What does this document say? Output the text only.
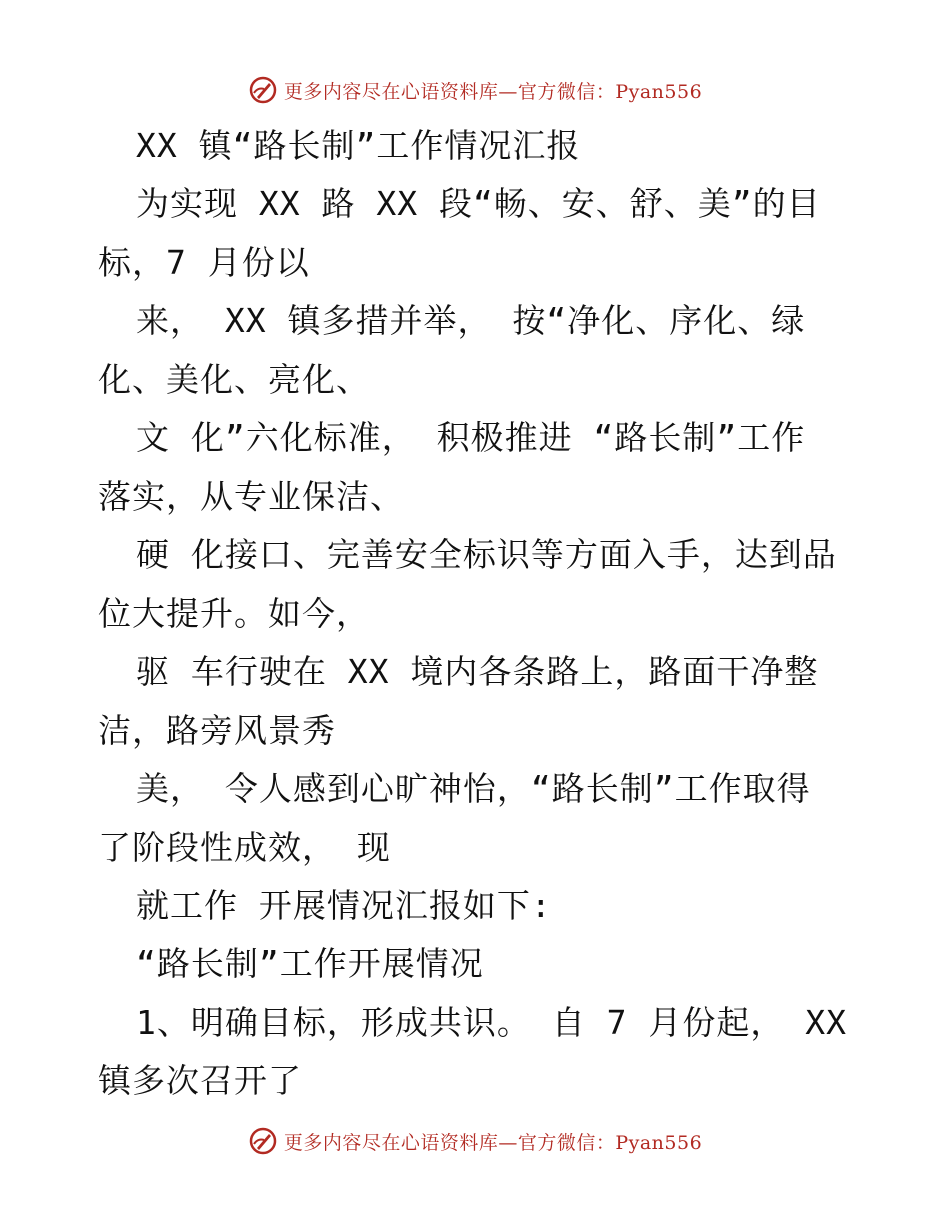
更多内容尽在心语资料库—官方微信：Pyan556
XX 镇“路长制”工作情况汇报
为实现 XX 路 XX 段“畅、安、舒、美”的目
标，7 月份以
来， XX 镇多措并举， 按“净化、序化、绿
化、美化、亮化、
文 化”六化标准， 积极推进 “路长制”工作
落实，从专业保洁、
硬 化接口、完善安全标识等方面入手，达到品
位大提升。如今，
驱 车行驶在 XX 境内各条路上，路面干净整
洁，路旁风景秀
美， 令人感到心旷神怡，“路长制”工作取得
了阶段性成效， 现
就工作 开展情况汇报如下:
“路长制”工作开展情况
1、明确目标，形成共识。 自 7 月份起， XX
镇多次召开了
更多内容尽在心语资料库—官方微信：Pyan556
